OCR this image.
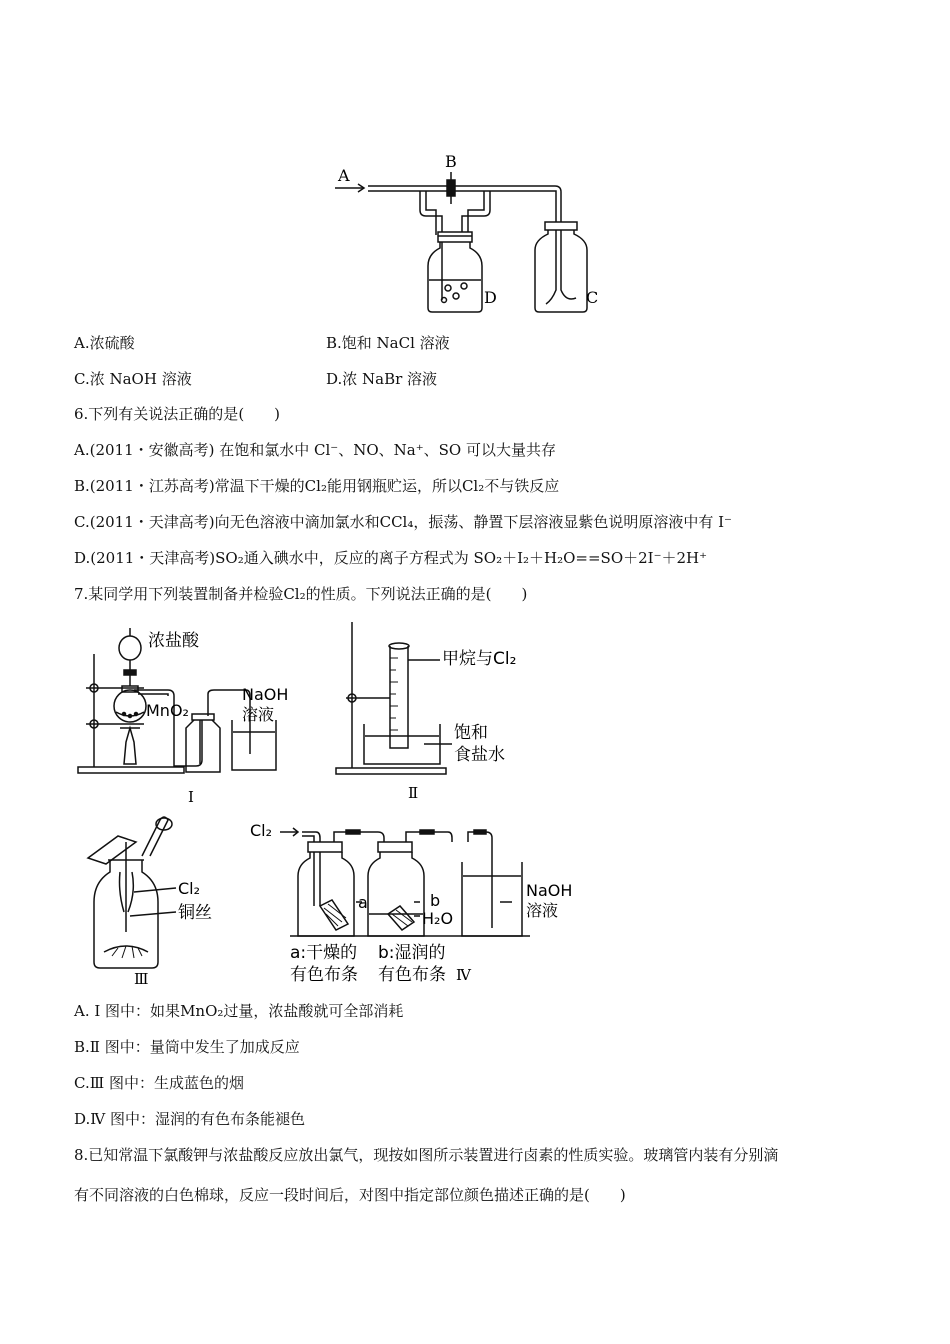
A
B
D	C
A.浓硫酸	B.饱和 NaCl 溶液
C.浓 NaOH 溶液	D.浓 NaBr 溶液
6.下列有关说法正确的是(　　)
A.(2011・安徽高考) 在饱和氯水中 Cl⁻、NO、Na⁺、SO 可以大量共存
B.(2011・江苏高考)常温下干燥的Cl₂能用钢瓶贮运，所以Cl₂不与铁反应
C.(2011・天津高考)向无色溶液中滴加氯水和CCl₄，振荡、静置下层溶液显紫色说明原溶液中有 I⁻
D.(2011・天津高考)SO₂通入碘水中，反应的离子方程式为 SO₂＋I₂＋H₂O==SO＋2I⁻＋2H⁺
7.某同学用下列装置制备并检验Cl₂的性质。下列说法正确的是(　　)
浓盐酸
MnO₂
NaOH
溶液
Ⅰ
甲烷与Cl₂
饱和
食盐水
Ⅱ
Cl₂
铜丝
Ⅲ
Cl₂
a	b
H₂O
NaOH
溶液
a:干燥的
有色布条
b:湿润的
有色布条 Ⅳ
A. Ⅰ 图中：如果MnO₂过量，浓盐酸就可全部消耗
B.Ⅱ 图中：量筒中发生了加成反应
C.Ⅲ 图中：生成蓝色的烟
D.Ⅳ 图中：湿润的有色布条能褪色
8.已知常温下氯酸钾与浓盐酸反应放出氯气，现按如图所示装置进行卤素的性质实验。玻璃管内装有分别滴
有不同溶液的白色棉球，反应一段时间后，对图中指定部位颜色描述正确的是(　　)
